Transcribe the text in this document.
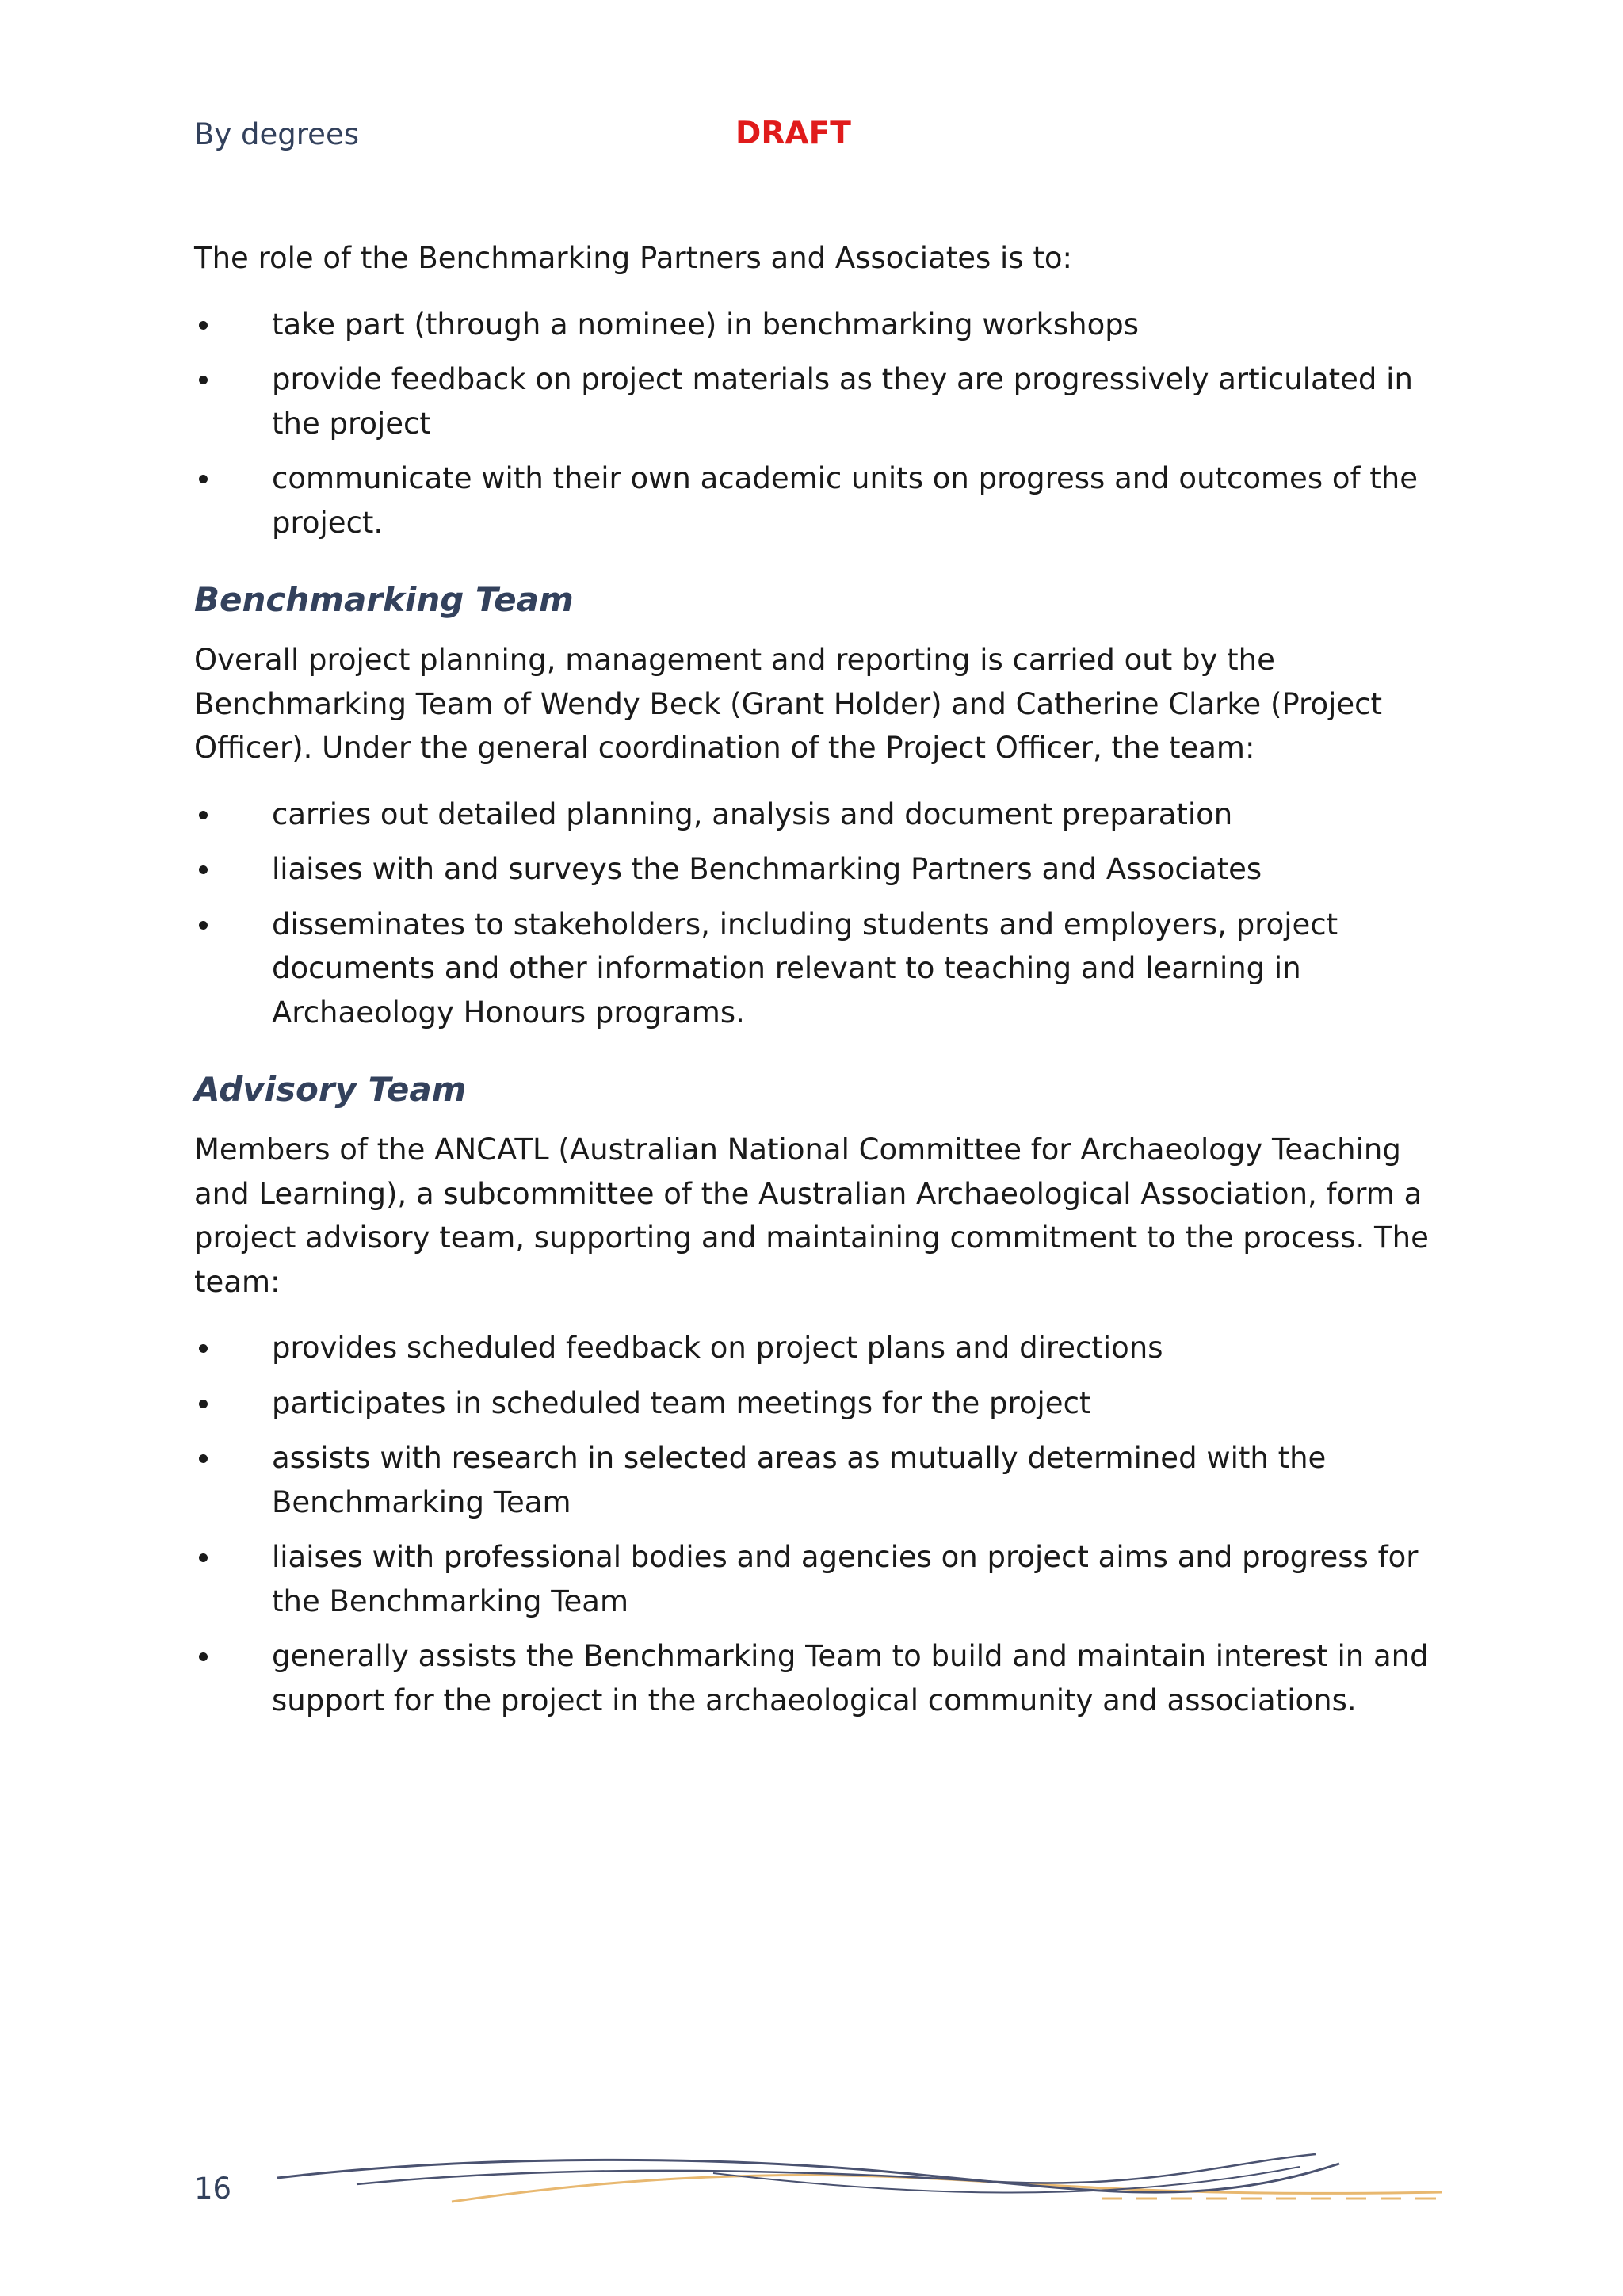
By degrees	DRAFT

The role of the Benchmarking Partners and Associates is to:

take part (through a nominee) in benchmarking workshops
provide feedback on project materials as they are progressively articulated in the project
communicate with their own academic units on progress and outcomes of the project.
Benchmarking Team

Overall project planning, management and reporting is carried out by the Benchmarking Team of Wendy Beck (Grant Holder) and Catherine Clarke (Project Officer). Under the general coordination of the Project Officer, the team:

carries out detailed planning, analysis and document preparation
liaises with and surveys the Benchmarking Partners and Associates
disseminates to stakeholders, including students and employers, project documents and other information relevant to teaching and learning in Archaeology Honours programs.
Advisory Team

Members of the ANCATL (Australian National Committee for Archaeology Teaching and Learning), a subcommittee of the Australian Archaeological Association, form a project advisory team, supporting and maintaining commitment to the process. The team:

provides scheduled feedback on project plans and directions
participates in scheduled team meetings for the project
assists with research in selected areas as mutually determined with the Benchmarking Team
liaises with professional bodies and agencies on project aims and progress for the Benchmarking Team
generally assists the Benchmarking Team to build and maintain interest in and support for the project in the archaeological community and associations.
16
